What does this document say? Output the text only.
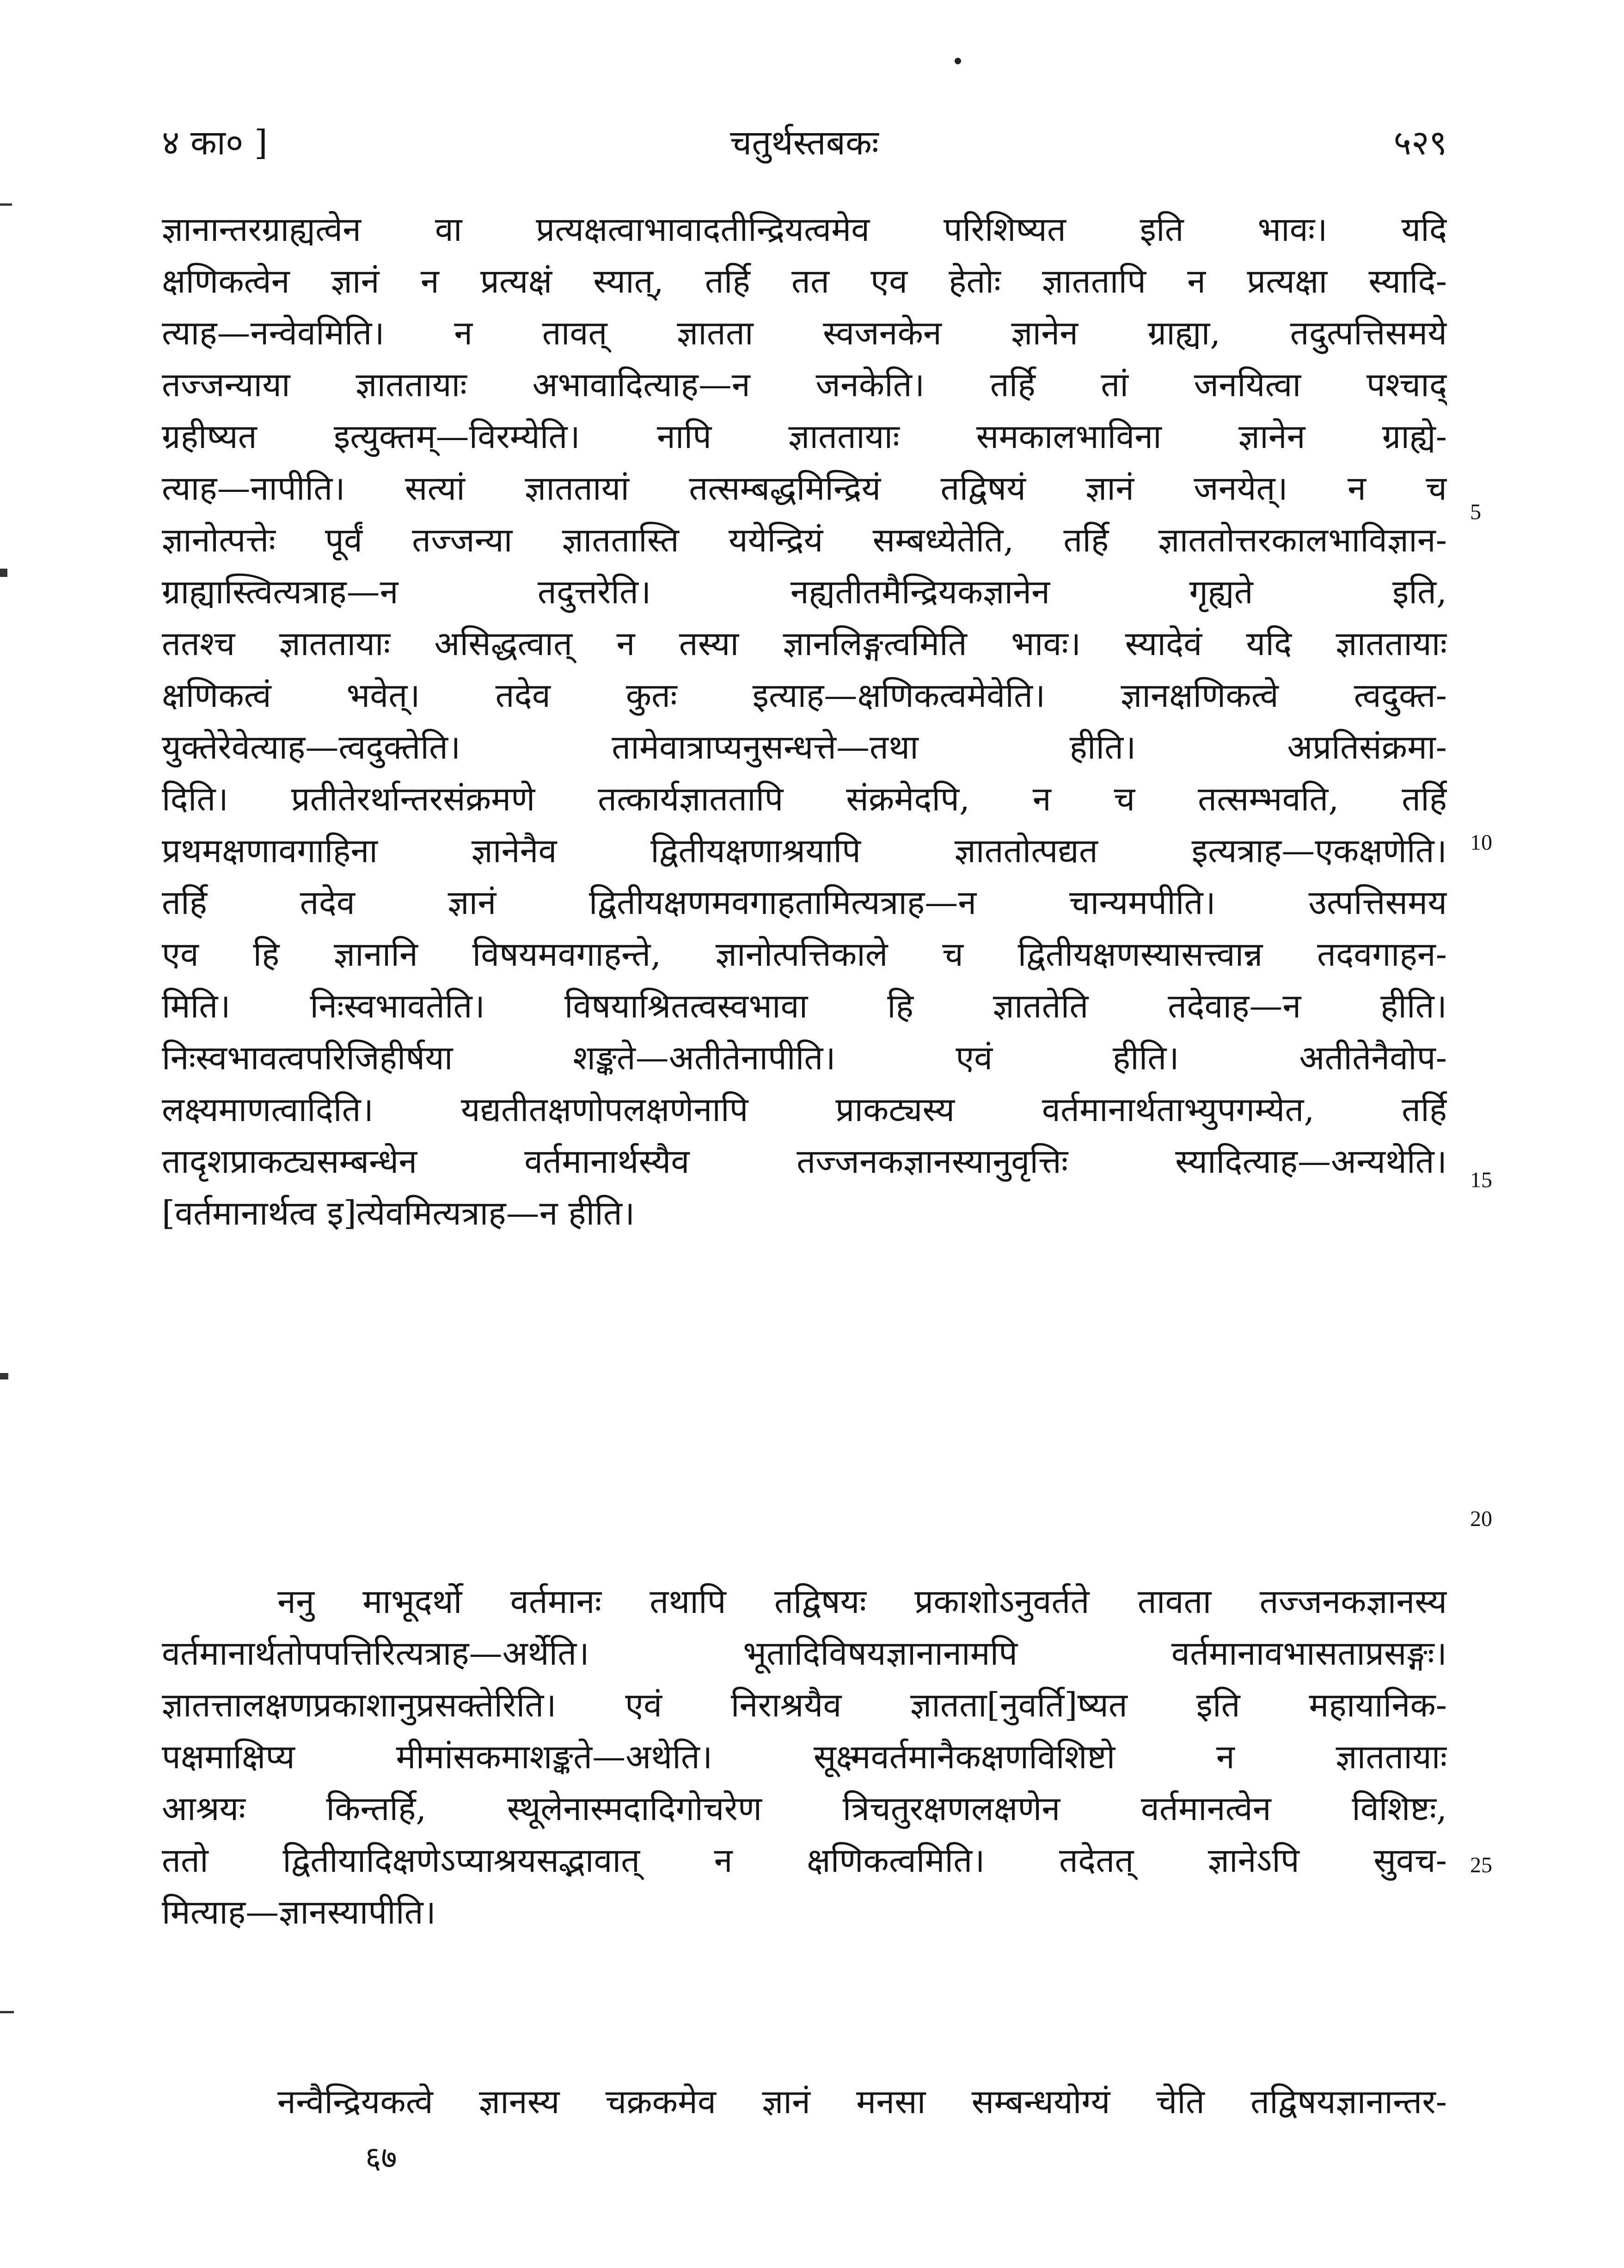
४ का० ]	चतुर्थस्तबकः	५२९
ज्ञानान्तरग्राह्यत्वेन वा प्रत्यक्षत्वाभावादतीन्द्रियत्वमेव परिशिष्यत इति भावः। यदि
क्षणिकत्वेन ज्ञानं न प्रत्यक्षं स्यात्, तर्हि तत एव हेतोः ज्ञाततापि न प्रत्यक्षा स्यादि-
त्याह—नन्वेवमिति। न तावत् ज्ञातता स्वजनकेन ज्ञानेन ग्राह्या, तदुत्पत्तिसमये
तज्जन्याया ज्ञाततायाः अभावादित्याह—न जनकेति। तर्हि तां जनयित्वा पश्चाद्
ग्रहीष्यत इत्युक्तम्—विरम्येति। नापि ज्ञाततायाः समकालभाविना ज्ञानेन ग्राह्ये-
त्याह—नापीति। सत्यां ज्ञाततायां तत्सम्बद्धमिन्द्रियं तद्विषयं ज्ञानं जनयेत्। न च
ज्ञानोत्पत्तेः पूर्वं तज्जन्या ज्ञाततास्ति ययेन्द्रियं सम्बध्येतेति, तर्हि ज्ञाततोत्तरकालभाविज्ञान-
ग्राह्यास्त्वित्यत्राह—न तदुत्तरेति। नह्यतीतमैन्द्रियकज्ञानेन गृह्यते इति,
ततश्च ज्ञाततायाः असिद्धत्वात् न तस्या ज्ञानलिङ्गत्वमिति भावः। स्यादेवं यदि ज्ञाततायाः
क्षणिकत्वं भवेत्। तदेव कुतः इत्याह—क्षणिकत्वमेवेति। ज्ञानक्षणिकत्वे त्वदुक्त-
युक्तेरेवेत्याह—त्वदुक्तेति। तामेवात्राप्यनुसन्धत्ते—तथा हीति। अप्रतिसंक्रमा-
दिति। प्रतीतेरर्थान्तरसंक्रमणे तत्कार्यज्ञाततापि संक्रमेदपि, न च तत्सम्भवति, तर्हि
प्रथमक्षणावगाहिना ज्ञानेनैव द्वितीयक्षणाश्रयापि ज्ञाततोत्पद्यत इत्यत्राह—एकक्षणेति।
तर्हि तदेव ज्ञानं द्वितीयक्षणमवगाहतामित्यत्राह—न चान्यमपीति। उत्पत्तिसमय
एव हि ज्ञानानि विषयमवगाहन्ते, ज्ञानोत्पत्तिकाले च द्वितीयक्षणस्यासत्त्वान्न तदवगाहन-
मिति। निःस्वभावतेति। विषयाश्रितत्वस्वभावा हि ज्ञाततेति तदेवाह—न हीति।
निःस्वभावत्वपरिजिहीर्षया शङ्कते—अतीतेनापीति। एवं हीति। अतीतेनैवोप-
लक्ष्यमाणत्वादिति। यद्यतीतक्षणोपलक्षणेनापि प्राकट्यस्य वर्तमानार्थताभ्युपगम्येत, तर्हि
तादृशप्राकट्यसम्बन्धेन वर्तमानार्थस्यैव तज्जनकज्ञानस्यानुवृत्तिः स्यादित्याह—अन्यथेति।
[वर्तमानार्थत्व इ]त्येवमित्यत्राह—न हीति।
ननु माभूदर्थो वर्तमानः तथापि तद्विषयः प्रकाशोऽनुवर्तते तावता तज्जनकज्ञानस्य
वर्तमानार्थतोपपत्तिरित्यत्राह—अर्थेति। भूतादिविषयज्ञानानामपि वर्तमानावभासताप्रसङ्गः।
ज्ञातत्तालक्षणप्रकाशानुप्रसक्तेरिति। एवं निराश्रयैव ज्ञातता[नुवर्ति]ष्यत इति महायानिक-
पक्षमाक्षिप्य मीमांसकमाशङ्कते—अथेति। सूक्ष्मवर्तमानैकक्षणविशिष्टो न ज्ञाततायाः
आश्रयः किन्तर्हि, स्थूलेनास्मदादिगोचरेण त्रिचतुरक्षणलक्षणेन वर्तमानत्वेन विशिष्टः,
ततो द्वितीयादिक्षणेऽप्याश्रयसद्भावात् न क्षणिकत्वमिति। तदेतत् ज्ञानेऽपि सुवच-
मित्याह—ज्ञानस्यापीति।
नन्वैन्द्रियकत्वे ज्ञानस्य चक्रकमेव ज्ञानं मनसा सम्बन्धयोग्यं चेति तद्विषयज्ञानान्तर-
5
10
15
20
25
६७
